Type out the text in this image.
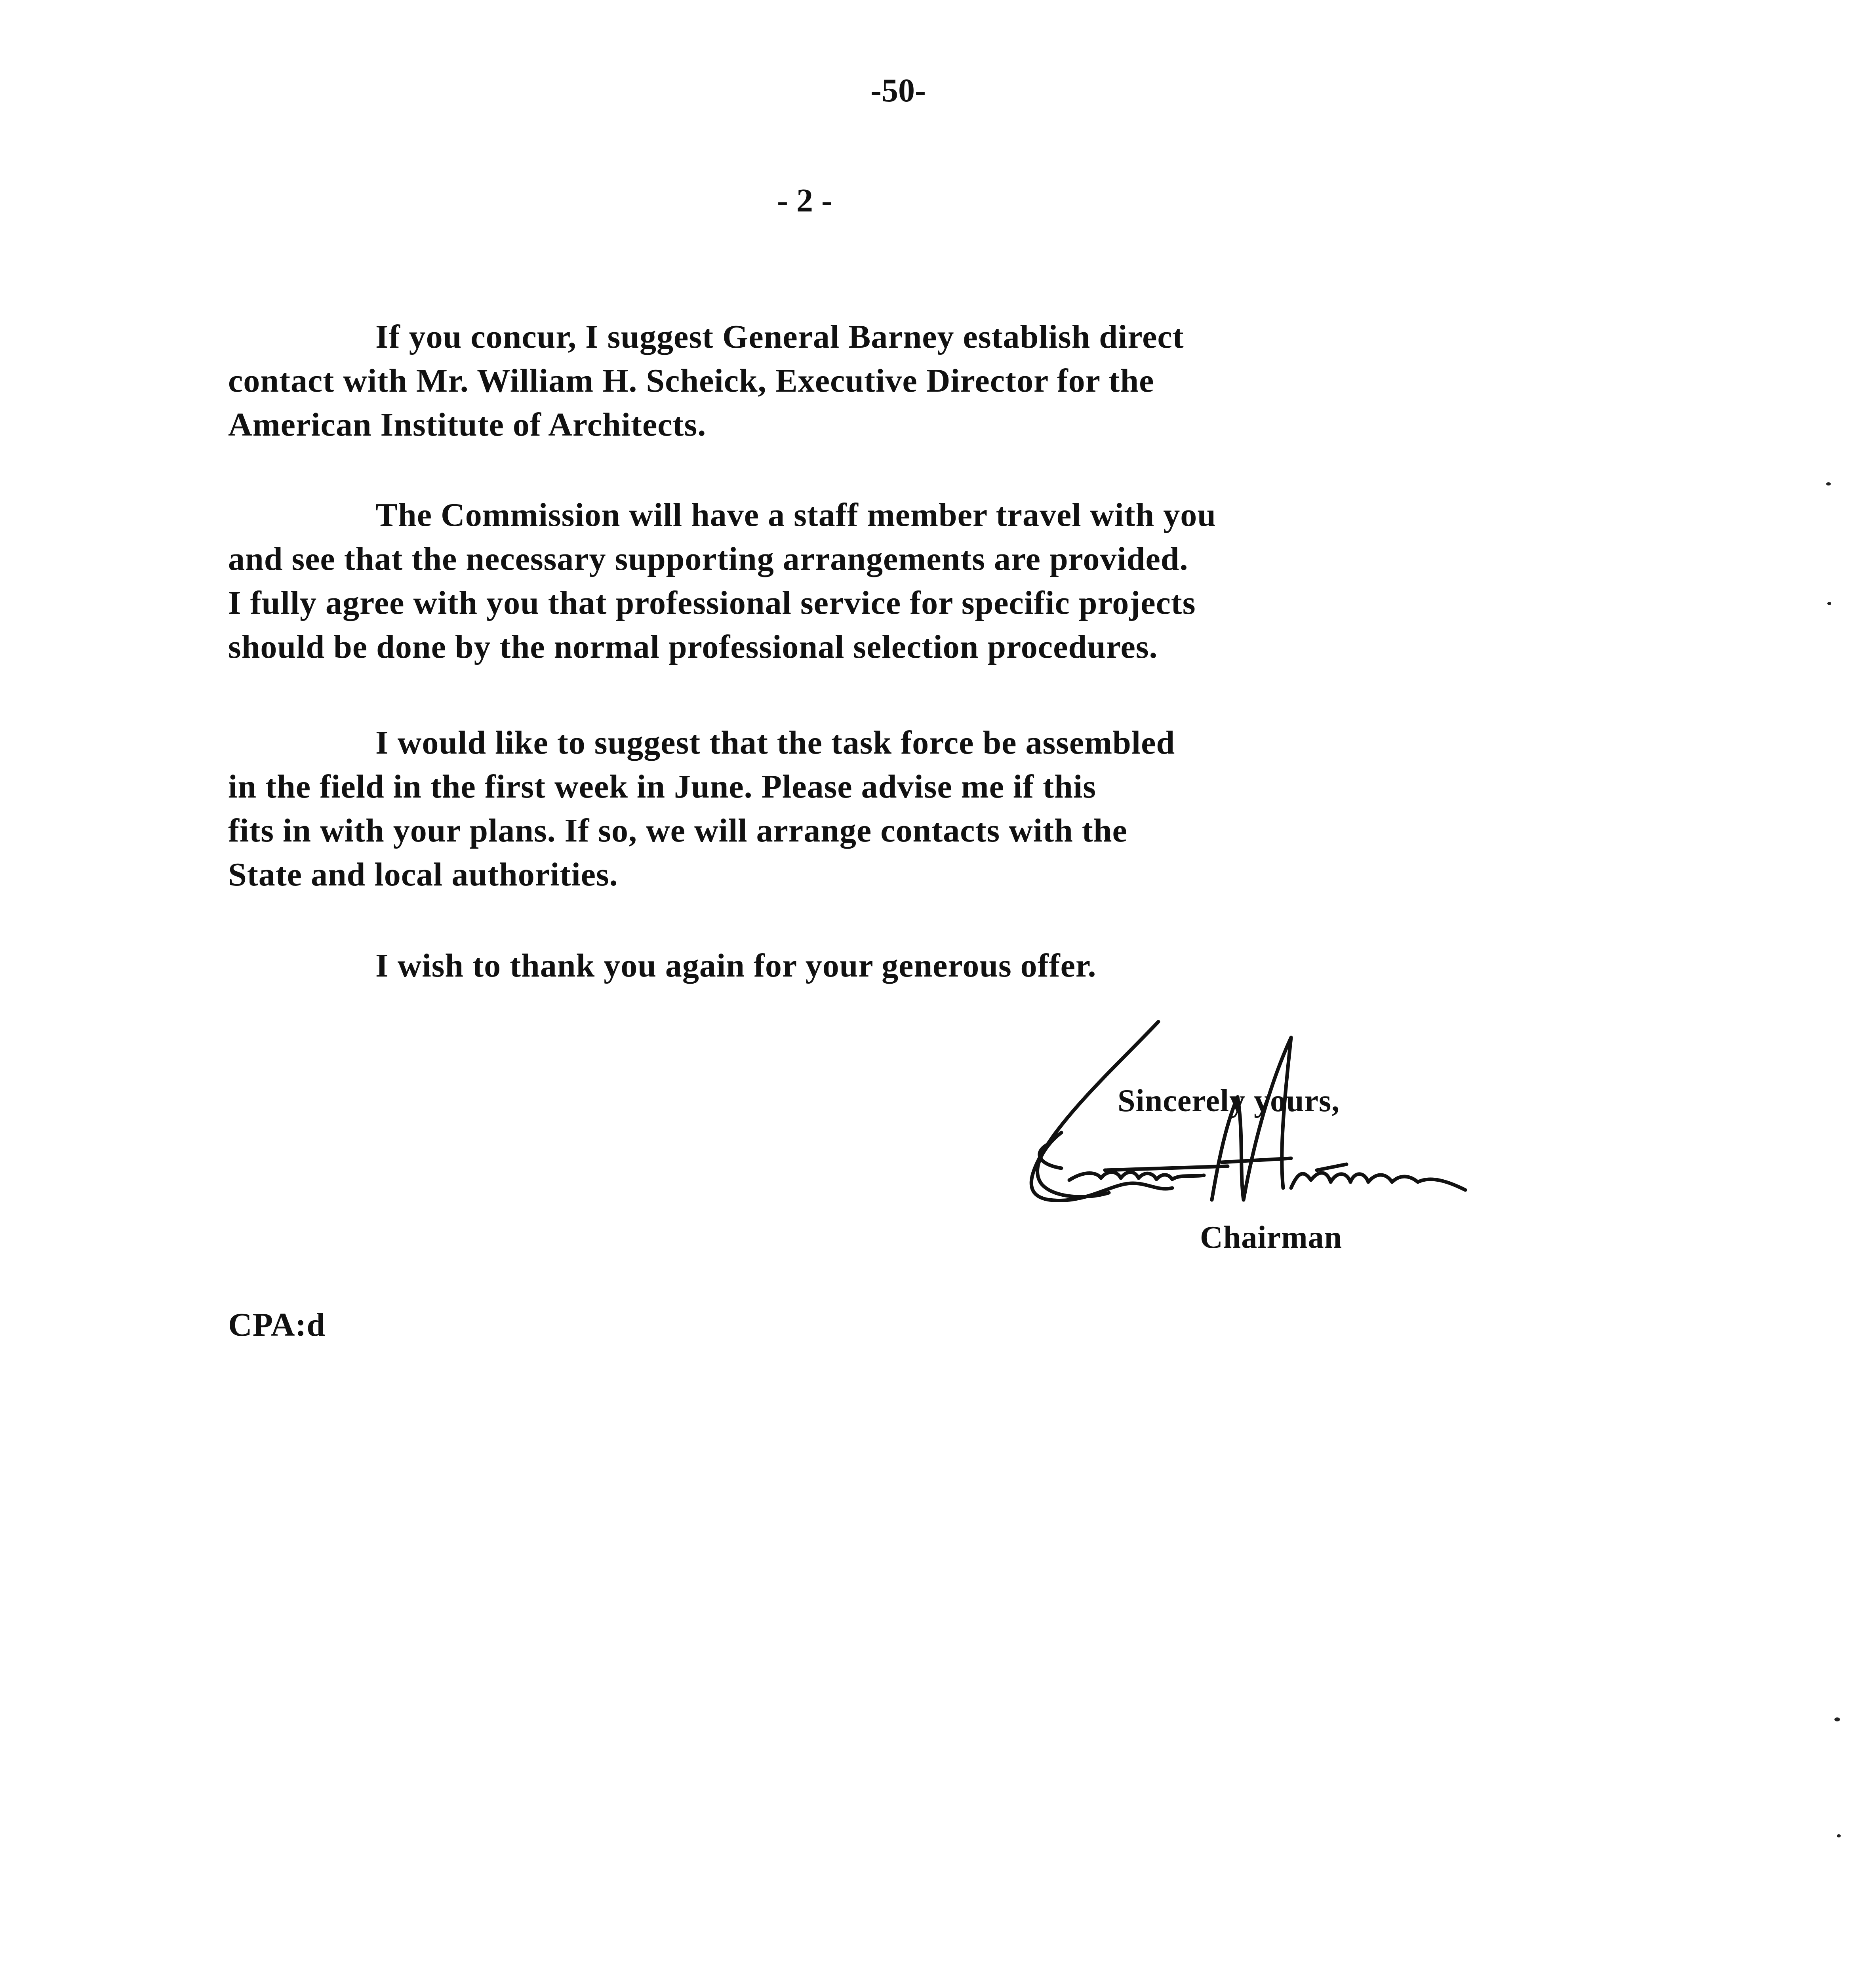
-50-
- 2 -
If you concur, I suggest General Barney establish direct
contact with Mr. William H. Scheick, Executive Director for the
American Institute of Architects.
The Commission will have a staff member travel with you
and see that the necessary supporting arrangements are provided.
I fully agree with you that professional service for specific projects
should be done by the normal professional selection procedures.
I would like to suggest that the task force be assembled
in the field in the first week in June. Please advise me if this
fits in with your plans. If so, we will arrange contacts with the
State and local authorities.
I wish to thank you again for your generous offer.
Sincerely yours,
Chairman
CPA:d
